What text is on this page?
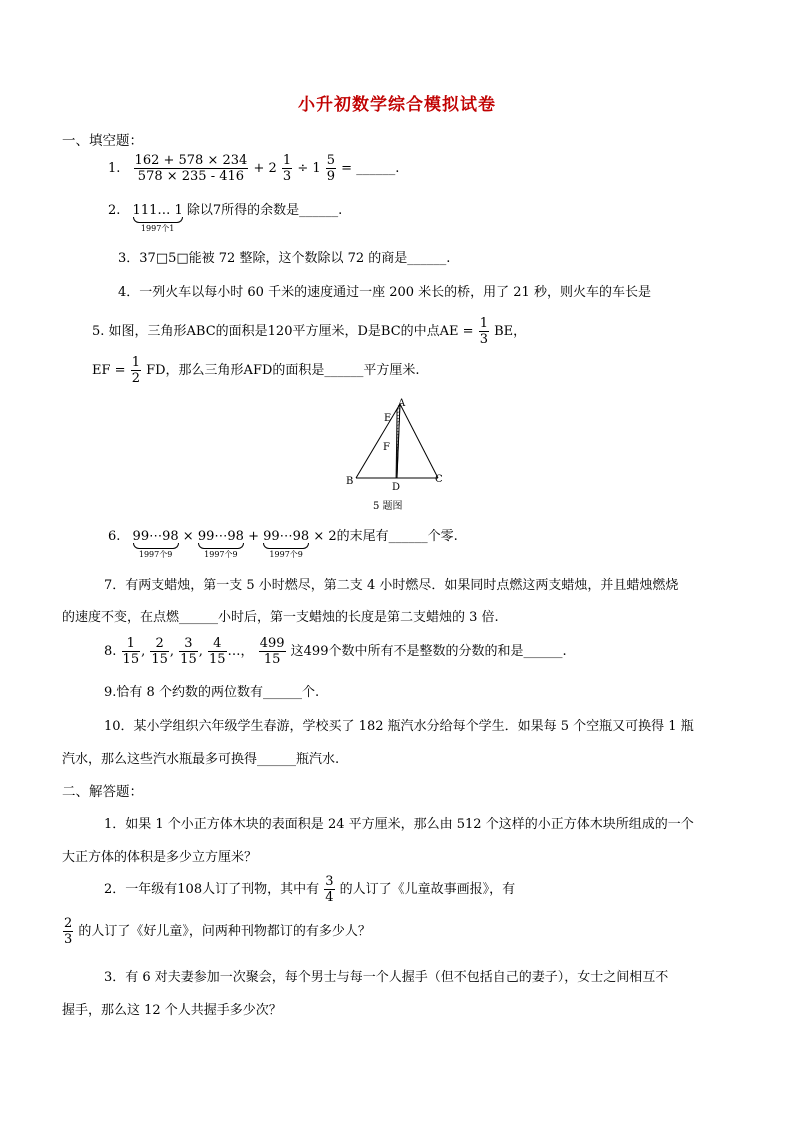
小升初数学综合模拟试卷
一、填空题：
1. $\frac{162 + 578 \times 234}{578 \times 235 - 416} + 2 \frac{1}{3} \div 1 \frac{5}{9}$ = ______.
2. 111… 1
1997个1
除以7所得的余数是______.
3．37□5□能被 72 整除，这个数除以 72 的商是______.
4．一列火车以每小时 60 千米的速度通过一座 200 米长的桥，用了 21 秒，则火车的车长是
5. 如图，三角形ABC的面积是120平方厘米，D是BC的中点AE = $\frac{1}{3}$ BE，
EF = $\frac{1}{2}$ FD，那么三角形AFD的面积是______平方厘米.
A
E
F
B
D
C
5 题图
6. 99⋯98
1997个9
× 99⋯98
1997个9
+ 99⋯98
1997个9
× 2的末尾有______个零.
7．有两支蜡烛，第一支 5 小时燃尽，第二支 4 小时燃尽．如果同时点燃这两支蜡烛，并且蜡烛燃烧
的速度不变，在点燃______小时后，第一支蜡烛的长度是第二支蜡烛的 3 倍.
8. $\frac{1}{15}$ , $\frac{2}{15}$ , $\frac{3}{15}$ , $\frac{4}{15}$ …， $\frac{499}{15}$ 这499个数中所有不是整数的分数的和是______.
9.恰有 8 个约数的两位数有______个.
10．某小学组织六年级学生春游，学校买了 182 瓶汽水分给每个学生．如果每 5 个空瓶又可换得 1 瓶
汽水，那么这些汽水瓶最多可换得______瓶汽水.
二、解答题：
1．如果 1 个小正方体木块的表面积是 24 平方厘米，那么由 512 个这样的小正方体木块所组成的一个
大正方体的体积是多少立方厘米？
2．一年级有108人订了刊物，其中有 $\frac{3}{4}$ 的人订了《儿童故事画报》，有
$\frac{2}{3}$ 的人订了《好儿童》，问两种刊物都订的有多少人？
3．有 6 对夫妻参加一次聚会，每个男士与每一个人握手（但不包括自己的妻子），女士之间相互不
握手，那么这 12 个人共握手多少次？
